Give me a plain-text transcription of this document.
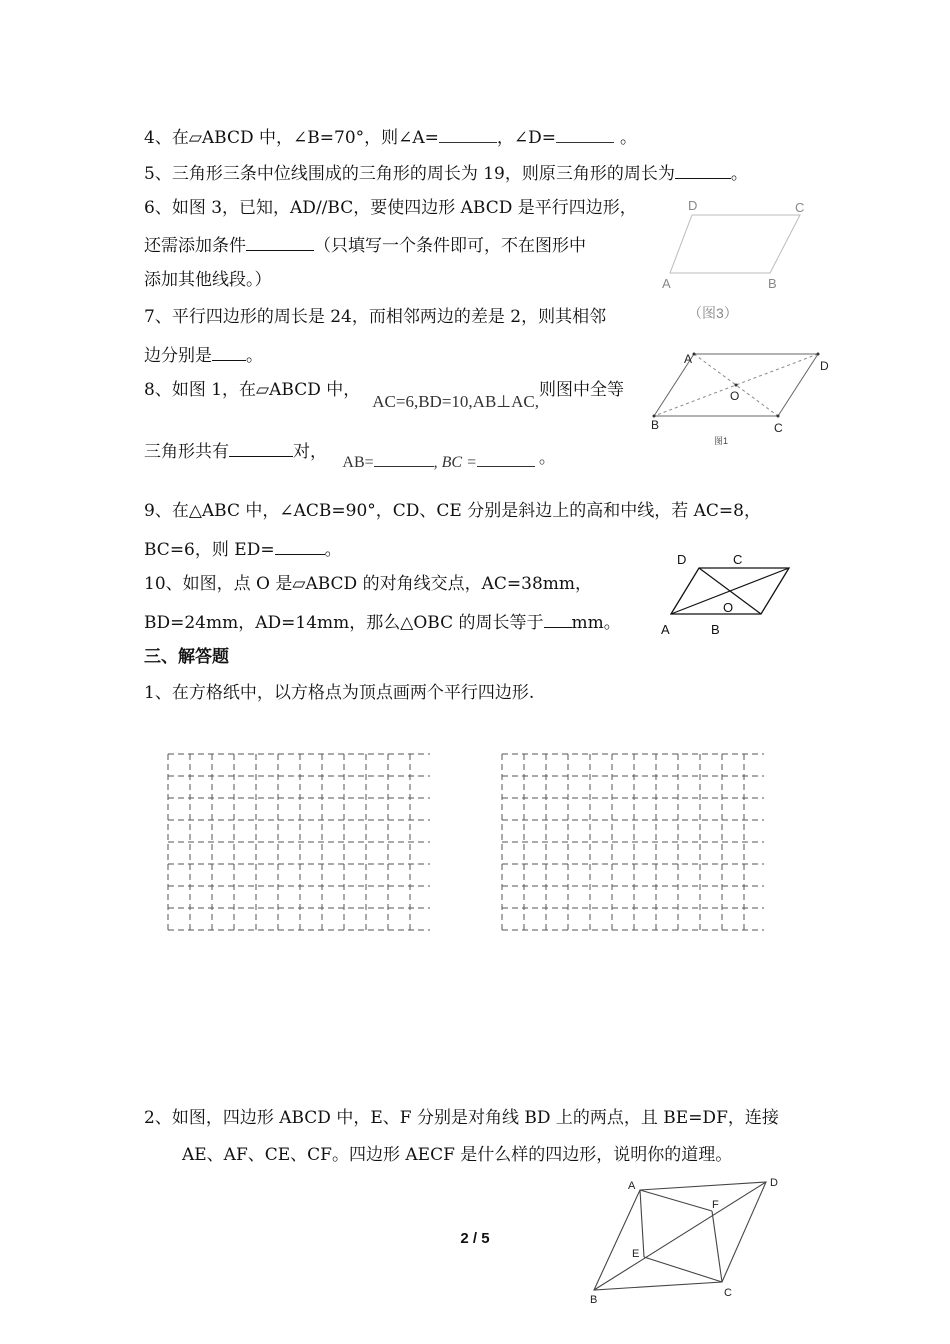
4、在▱ABCD 中，∠B=70°，则∠A=	，∠D=	。
5、三角形三条中位线围成的三角形的周长为 19，则原三角形的周长为	。
6、如图 3，已知，AD//BC，要使四边形 ABCD 是平行四边形，
还需添加条件	（只填写一个条件即可，不在图形中
添加其他线段。）
D	C
A	B
（图3）
7、平行四边形的周长是 24，而相邻两边的差是 2，则其相邻
边分别是 。
8、如图 1，在▱ABCD 中，AC=6,BD=10,AB⊥AC,则图中全等
三角形共有	对， AB=	, BC =	。
A	D
O
B	C
图1
9、在△ABC 中，∠ACB=90°，CD、CE 分别是斜边上的高和中线，若 AC=8，
BC=6，则 ED=	。
10、如图，点 O 是▱ABCD 的对角线交点，AC=38mm，
BD=24mm，AD=14mm，那么△OBC 的周长等于 mm。
D	C
O
A	B
三、解答题
1、在方格纸中，以方格点为顶点画两个平行四边形.
2、如图，四边形 ABCD 中，E、F 分别是对角线 BD 上的两点，且 BE=DF，连接
AE、AF、CE、CF。四边形 AECF 是什么样的四边形，说明你的道理。
A	D
F
E
B
C
2 / 5
